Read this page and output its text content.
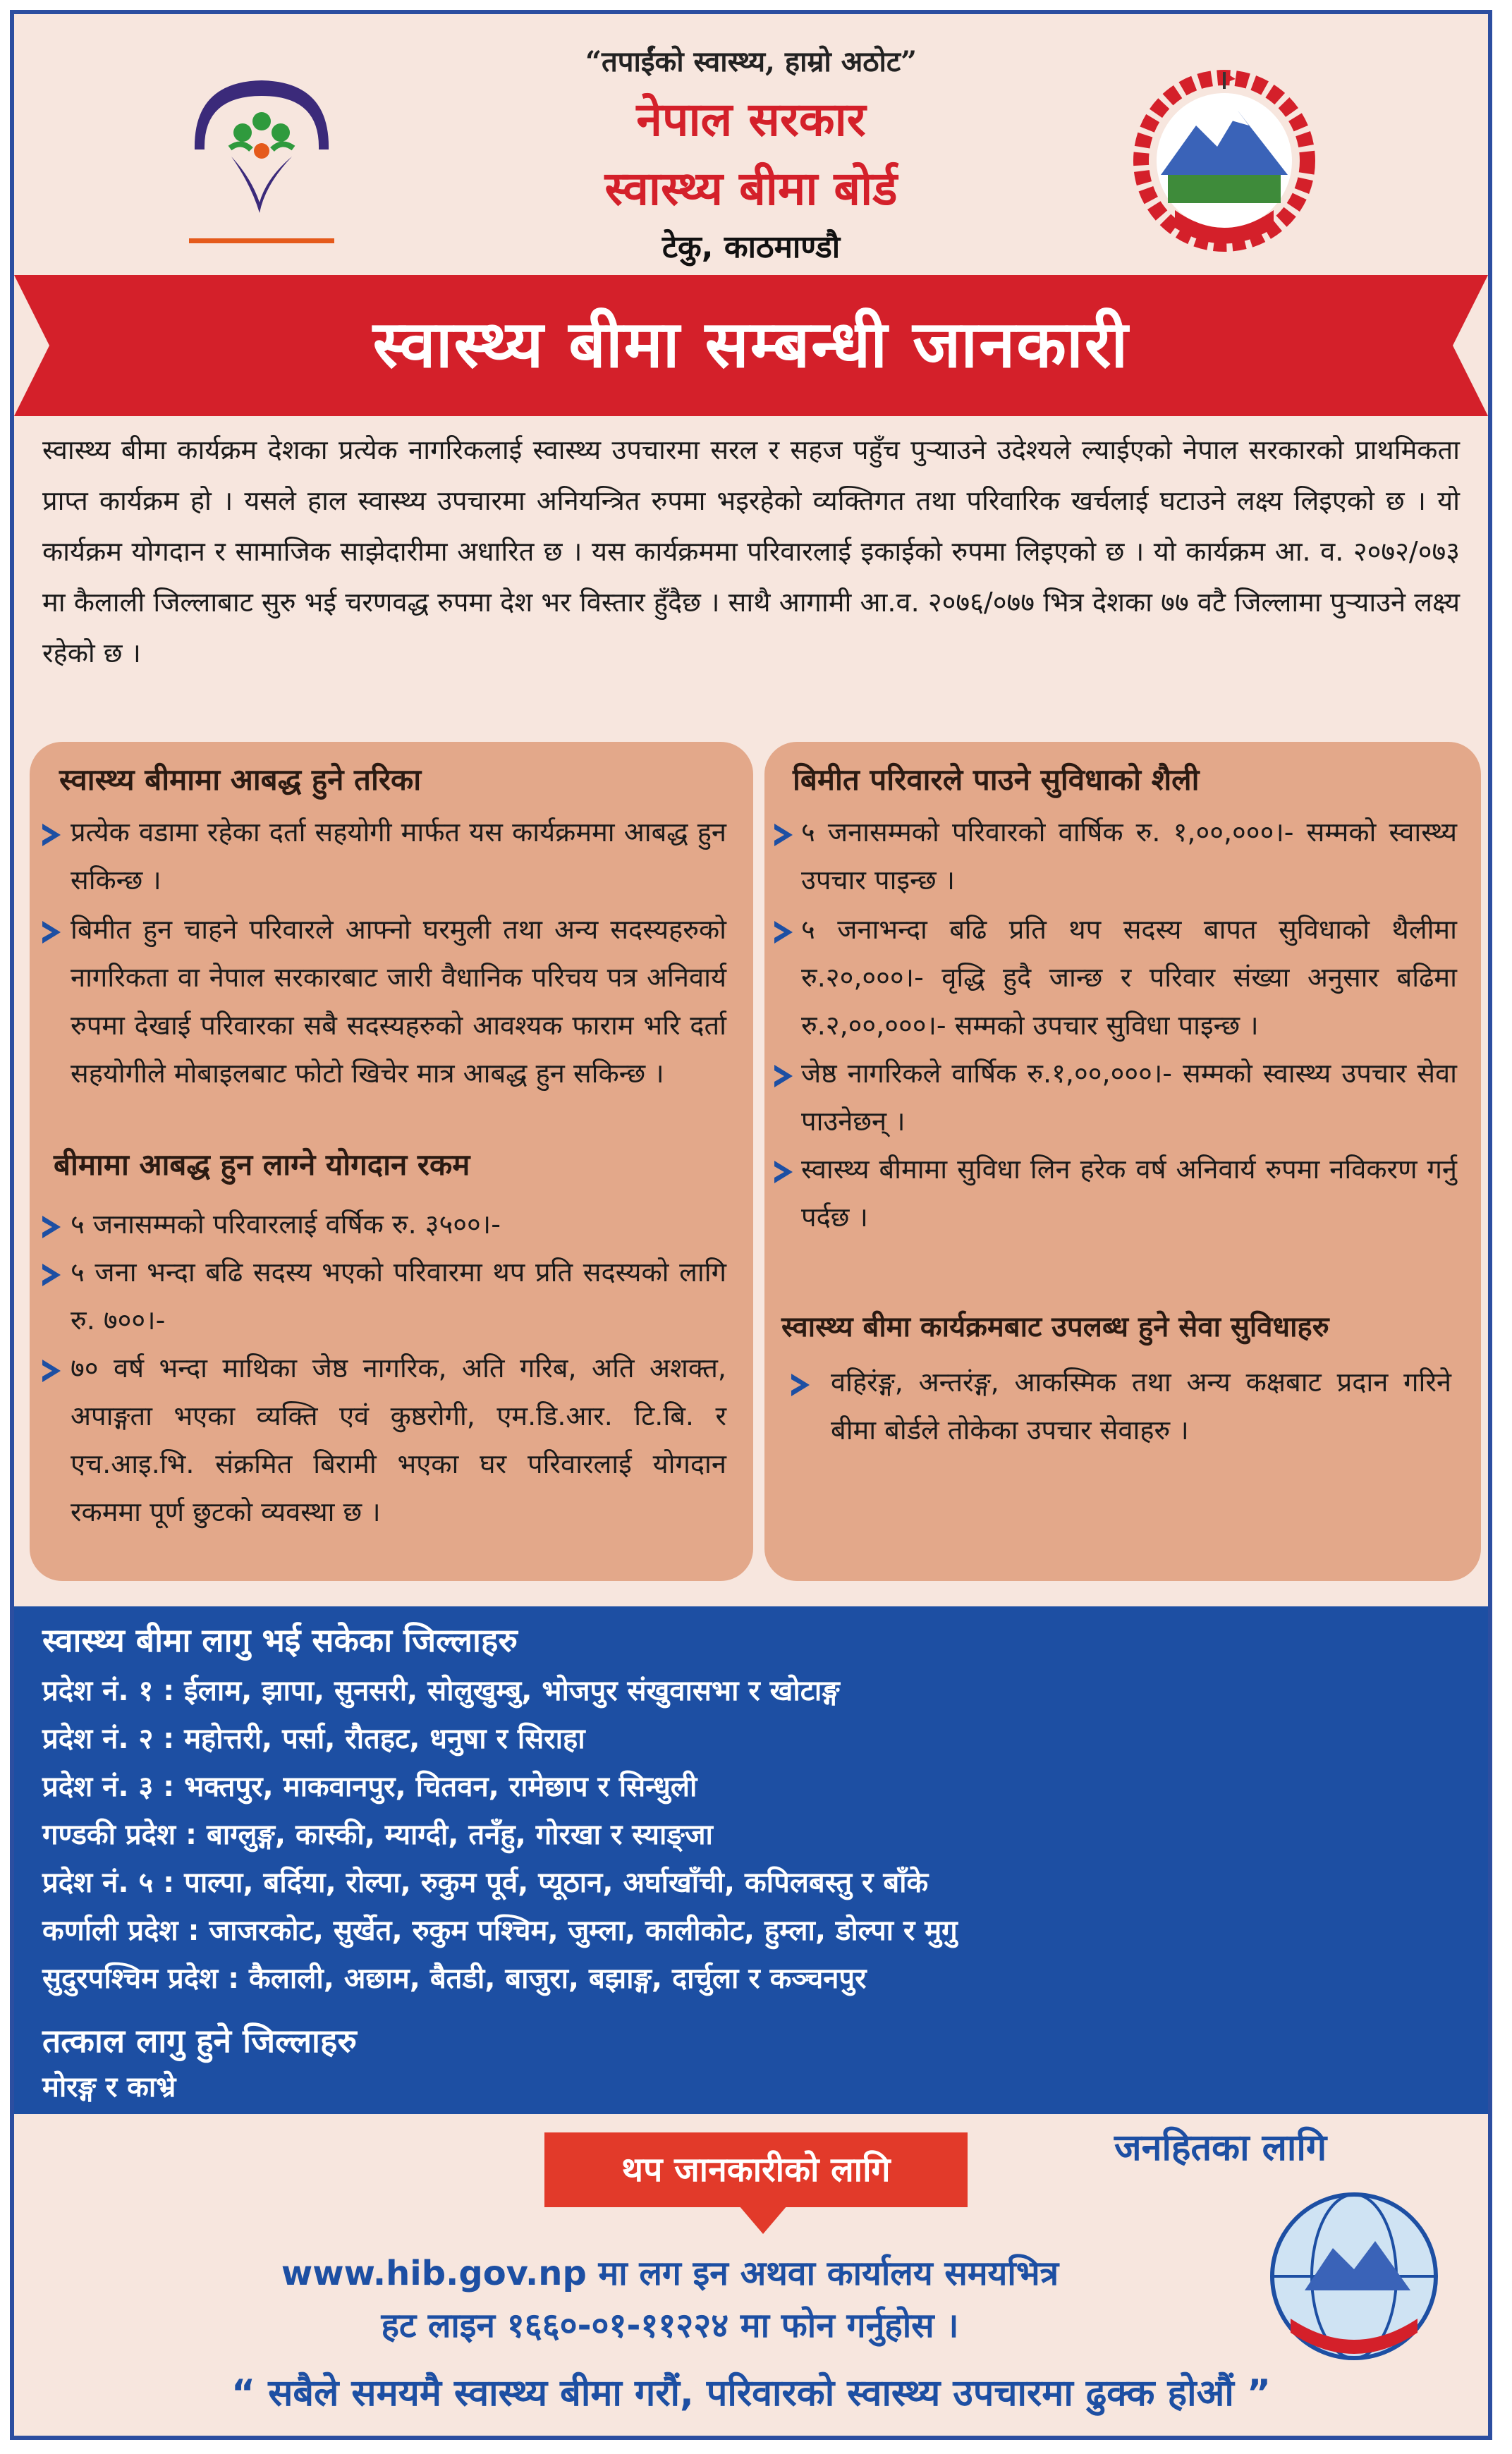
“तपाईंको स्वास्थ्य, हाम्रो अठोट”
नेपाल सरकार
स्वास्थ्य बीमा बोर्ड
टेकु, काठमाण्डौ
स्वास्थ्य बीमा सम्बन्धी जानकारी
स्वास्थ्य बीमा कार्यक्रम देशका प्रत्येक नागरिकलाई स्वास्थ्य उपचारमा सरल र सहज पहुँच पुऱ्याउने उदेश्यले ल्याईएको नेपाल सरकारको प्राथमिकता प्राप्त कार्यक्रम हो । यसले हाल स्वास्थ्य उपचारमा अनियन्त्रित रुपमा भइरहेको व्यक्तिगत तथा परिवारिक खर्चलाई घटाउने लक्ष्य लिइएको छ । यो कार्यक्रम योगदान र सामाजिक साझेदारीमा अधारित छ । यस कार्यक्रममा परिवारलाई इकाईको रुपमा लिइएको छ । यो कार्यक्रम आ. व. २०७२/०७३ मा कैलाली जिल्लाबाट सुरु भई चरणवद्ध रुपमा देश भर विस्तार हुँदैछ । साथै आगामी आ.व. २०७६/०७७ भित्र देशका ७७ वटै जिल्लामा पुऱ्याउने लक्ष्य रहेको छ ।
स्वास्थ्य बीमामा आबद्ध हुने तरिका
प्रत्येक वडामा रहेका दर्ता सहयोगी मार्फत यस कार्यक्रममा आबद्ध हुन सकिन्छ ।
बिमीत हुन चाहने परिवारले आफ्नो घरमुली तथा अन्य सदस्यहरुको नागरिकता वा नेपाल सरकारबाट जारी वैधानिक परिचय पत्र अनिवार्य रुपमा देखाई परिवारका सबै सदस्यहरुको आवश्यक फाराम भरि दर्ता सहयोगीले मोबाइलबाट फोटो खिचेर मात्र आबद्ध हुन सकिन्छ ।
बीमामा आबद्ध हुन लाग्ने योगदान रकम
५ जनासम्मको परिवारलाई वर्षिक रु. ३५००।-
५ जना भन्दा बढि सदस्य भएको परिवारमा थप प्रति सदस्यको लागि रु. ७००।-
७० वर्ष भन्दा माथिका जेष्ठ नागरिक, अति गरिब, अति अशक्त, अपाङ्गता भएका व्यक्ति एवं कुष्ठरोगी, एम.डि.आर. टि.बि. र एच.आइ.भि. संक्रमित बिरामी भएका घर परिवारलाई योगदान रकममा पूर्ण छुटको व्यवस्था छ ।
बिमीत परिवारले पाउने सुविधाको शैली
५ जनासम्मको परिवारको वार्षिक रु. १,००,०००।- सम्मको स्वास्थ्य उपचार पाइन्छ ।
५ जनाभन्दा बढि प्रति थप सदस्य बापत सुविधाको थैलीमा रु.२०,०००।- वृद्धि हुदै जान्छ र परिवार संख्या अनुसार बढिमा रु.२,००,०००।- सम्मको उपचार सुविधा पाइन्छ ।
जेष्ठ नागरिकले वार्षिक रु.१,००,०००।- सम्मको स्वास्थ्य उपचार सेवा पाउनेछन् ।
स्वास्थ्य बीमामा सुविधा लिन हरेक वर्ष अनिवार्य रुपमा नविकरण गर्नु पर्दछ ।
स्वास्थ्य बीमा कार्यक्रमबाट उपलब्ध हुने सेवा सुविधाहरु
वहिरंङ्ग, अन्तरंङ्ग, आकस्मिक तथा अन्य कक्षबाट प्रदान गरिने बीमा बोर्डले तोकेका उपचार सेवाहरु ।
स्वास्थ्य बीमा लागु भई सकेका जिल्लाहरु
प्रदेश नं. १ : ईलाम, झापा, सुनसरी, सोलुखुम्बु, भोजपुर संखुवासभा र खोटाङ्ग
प्रदेश नं. २ : महोत्तरी, पर्सा, रौतहट, धनुषा र सिराहा
प्रदेश नं. ३ : भक्तपुर, माकवानपुर, चितवन, रामेछाप र सिन्धुली
गण्डकी प्रदेश : बाग्लुङ्ग, कास्की, म्याग्दी, तनँहु, गोरखा र स्याङ्जा
प्रदेश नं. ५ : पाल्पा, बर्दिया, रोल्पा, रुकुम पूर्व, प्यूठान, अर्घाखाँची, कपिलबस्तु र बाँके
कर्णाली प्रदेश : जाजरकोट, सुर्खेत, रुकुम पश्चिम, जुम्ला, कालीकोट, हुम्ला, डोल्पा र मुगु
सुदुरपश्चिम प्रदेश : कैलाली, अछाम, बैतडी, बाजुरा, बझाङ्ग, दार्चुला र कञ्चनपुर
तत्काल लागु हुने जिल्लाहरु
मोरङ्ग र काभ्रे
थप जानकारीको लागि
जनहितका लागि
www.hib.gov.np मा लग इन अथवा कार्यालय समयभित्र
हट लाइन १६६०-०१-११२२४ मा फोन गर्नुहोस ।
“ सबैले समयमै स्वास्थ्य बीमा गरौं, परिवारको स्वास्थ्य उपचारमा ढुक्क होऔं ”
